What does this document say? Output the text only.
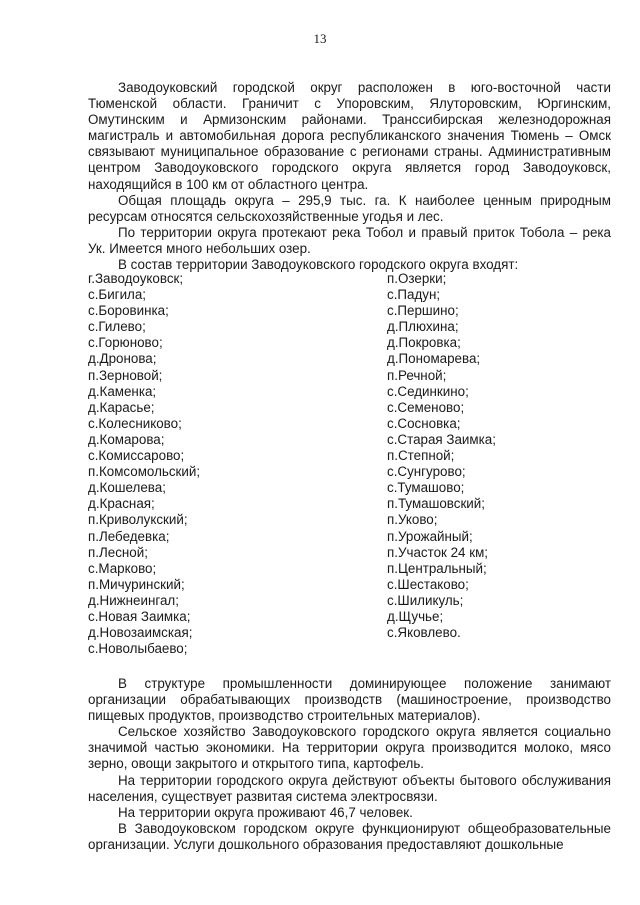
13

Заводоуковский городской округ расположен в юго-восточной части Тюменской области. Граничит с Упоровским, Ялуторовским, Юргинским, Омутинским и Армизонским районами. Транссибирская железнодорожная магистраль и автомобильная дорога республиканского значения Тюмень – Омск связывают муниципальное образование с регионами страны. Административным центром Заводоуковского городского округа является город Заводоуковск, находящийся в 100 км от областного центра.

Общая площадь округа – 295,9 тыс. га. К наиболее ценным природным ресурсам относятся сельскохозяйственные угодья и лес.

По территории округа протекают река Тобол и правый приток Тобола – река Ук. Имеется много небольших озер.

В состав территории Заводоуковского городского округа входят:

г.Заводоуковск;
с.Бигила;
с.Боровинка;
с.Гилево;
с.Горюново;
д.Дронова;
п.Зерновой;
д.Каменка;
д.Карасье;
с.Колесниково;
д.Комарова;
с.Комиссарово;
п.Комсомольский;
д.Кошелева;
д.Красная;
п.Криволукский;
п.Лебедевка;
п.Лесной;
с.Марково;
п.Мичуринский;
д.Нижнеингал;
с.Новая Заимка;
д.Новозаимская;
с.Новолыбаево;
п.Озерки;
с.Падун;
с.Першино;
д.Плюхина;
д.Покровка;
д.Пономарева;
п.Речной;
с.Сединкино;
с.Семеново;
с.Сосновка;
с.Старая Заимка;
п.Степной;
с.Сунгурово;
с.Тумашово;
п.Тумашовский;
п.Уково;
п.Урожайный;
п.Участок 24 км;
п.Центральный;
с.Шестаково;
с.Шиликуль;
д.Щучье;
с.Яковлево.

В структуре промышленности доминирующее положение занимают организации обрабатывающих производств (машиностроение, производство пищевых продуктов, производство строительных материалов).

Сельское хозяйство Заводоуковского городского округа является социально значимой частью экономики. На территории округа производится молоко, мясо зерно, овощи закрытого и открытого типа, картофель.

На территории городского округа действуют объекты бытового обслуживания населения, существует развитая система электросвязи.

На территории округа проживают 46,7 человек.

В Заводоуковском городском округе функционируют общеобразовательные организации. Услуги дошкольного образования предоставляют дошкольные
